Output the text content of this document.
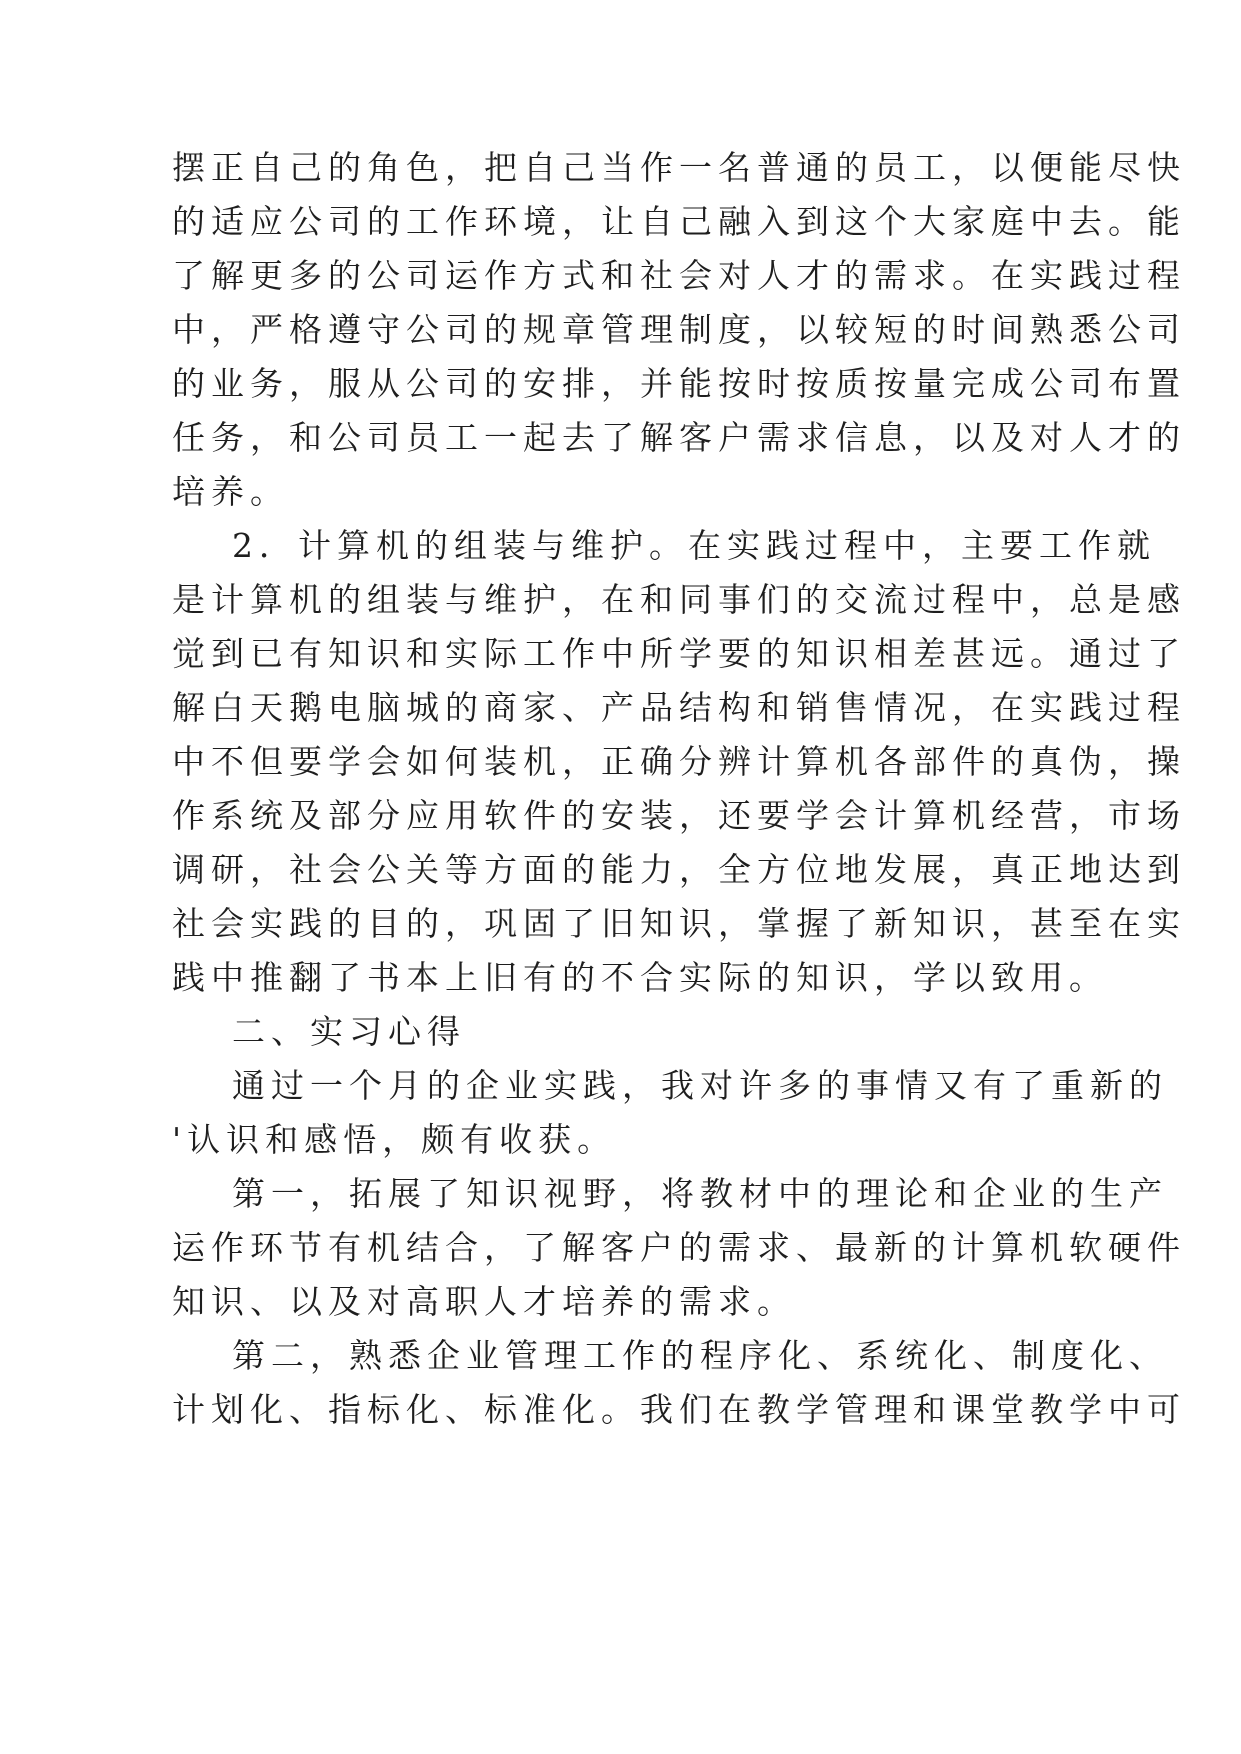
摆正自己的角色，把自己当作一名普通的员工，以便能尽快

的适应公司的工作环境，让自己融入到这个大家庭中去。能

了解更多的公司运作方式和社会对人才的需求。在实践过程

中，严格遵守公司的规章管理制度，以较短的时间熟悉公司

的业务，服从公司的安排，并能按时按质按量完成公司布置

任务，和公司员工一起去了解客户需求信息，以及对人才的

培养。

2．计算机的组装与维护。在实践过程中，主要工作就

是计算机的组装与维护，在和同事们的交流过程中，总是感

觉到已有知识和实际工作中所学要的知识相差甚远。通过了

解白天鹅电脑城的商家、产品结构和销售情况，在实践过程

中不但要学会如何装机，正确分辨计算机各部件的真伪，操

作系统及部分应用软件的安装，还要学会计算机经营，市场

调研，社会公关等方面的能力，全方位地发展，真正地达到

社会实践的目的，巩固了旧知识，掌握了新知识，甚至在实

践中推翻了书本上旧有的不合实际的知识，学以致用。

二、实习心得

通过一个月的企业实践，我对许多的事情又有了重新的

'认识和感悟，颇有收获。

第一，拓展了知识视野，将教材中的理论和企业的生产

运作环节有机结合，了解客户的需求、最新的计算机软硬件

知识、以及对高职人才培养的需求。

第二，熟悉企业管理工作的程序化、系统化、制度化、

计划化、指标化、标准化。我们在教学管理和课堂教学中可
